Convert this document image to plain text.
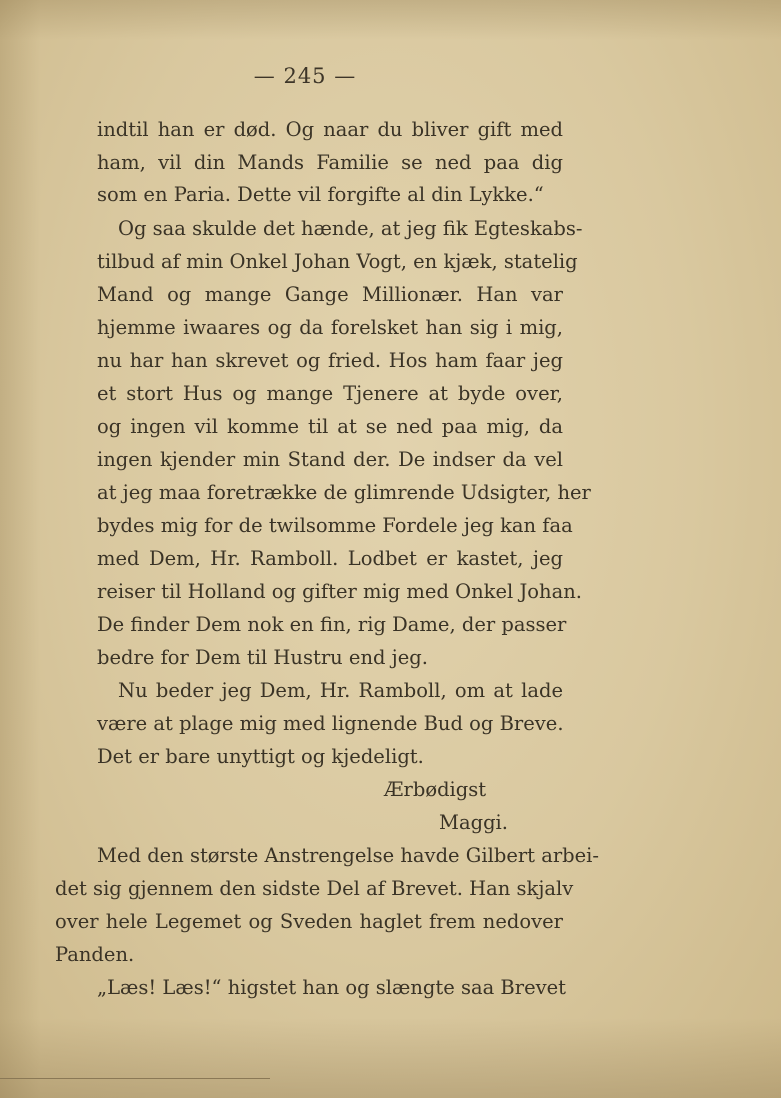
— 245 —
indtil han er død. Og naar du bliver gift med
ham, vil din Mands Familie se ned paa dig
som en Paria. Dette vil forgifte al din Lykke.“
Og saa skulde det hænde, at jeg fik Egteskabs-
tilbud af min Onkel Johan Vogt, en kjæk, statelig
Mand og mange Gange Millionær. Han var
hjemme iwaares og da forelsket han sig i mig,
nu har han skrevet og fried. Hos ham faar jeg
et stort Hus og mange Tjenere at byde over,
og ingen vil komme til at se ned paa mig, da
ingen kjender min Stand der. De indser da vel
at jeg maa foretrække de glimrende Udsigter, her
bydes mig for de twilsomme Fordele jeg kan faa
med Dem, Hr. Ramboll. Lodbet er kastet, jeg
reiser til Holland og gifter mig med Onkel Johan.
De finder Dem nok en fin, rig Dame, der passer
bedre for Dem til Hustru end jeg.
Nu beder jeg Dem, Hr. Ramboll, om at lade
være at plage mig med lignende Bud og Breve.
Det er bare unyttigt og kjedeligt.
Ærbødigst
Maggi.
Med den største Anstrengelse havde Gilbert arbei-
det sig gjennem den sidste Del af Brevet. Han skjalv
over hele Legemet og Sveden haglet frem nedover
Panden.
„Læs! Læs!“ higstet han og slængte saa Brevet
